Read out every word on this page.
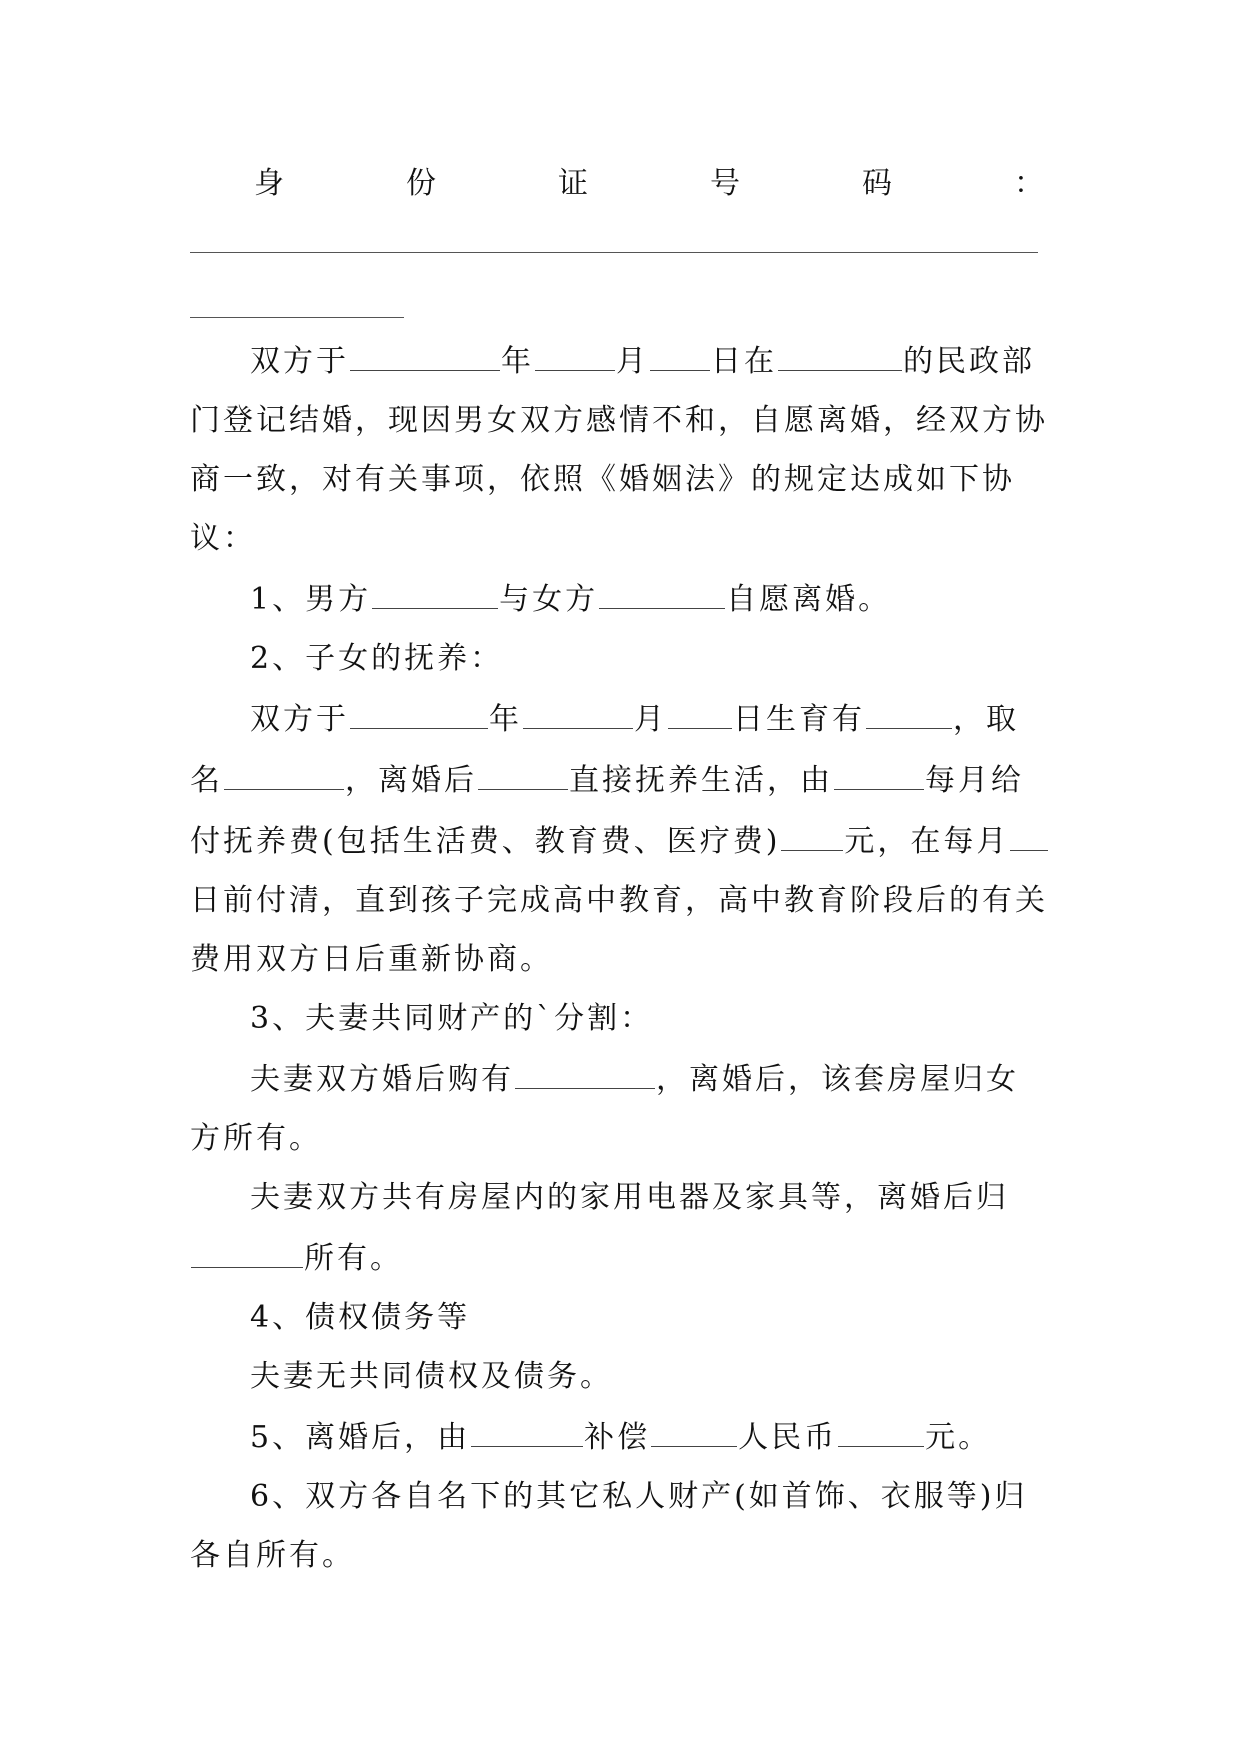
身	份	证	号	码	：

双方于	年	月 日在	的民政部门登记结婚，现因男女双方感情不和，自愿离婚，经双方协商一致，对有关事项，依照《婚姻法》的规定达成如下协议：

1、男方	与女方	自愿离婚。

2、子女的抚养：

双方于	年	月 日生育有	，取名	，离婚后	直接抚养生活，由	每月给付抚养费(包括生活费、教育费、医疗费) 元，在每月日前付清，直到孩子完成高中教育，高中教育阶段后的有关费用双方日后重新协商。

3、夫妻共同财产的`分割：

夫妻双方婚后购有	，离婚后，该套房屋归女方所有。

夫妻双方共有房屋内的家用电器及家具等，离婚后归所有。

4、债权债务等

夫妻无共同债权及债务。

5、离婚后，由	补偿	人民币	元。

6、双方各自名下的其它私人财产(如首饰、衣服等)归各自所有。
